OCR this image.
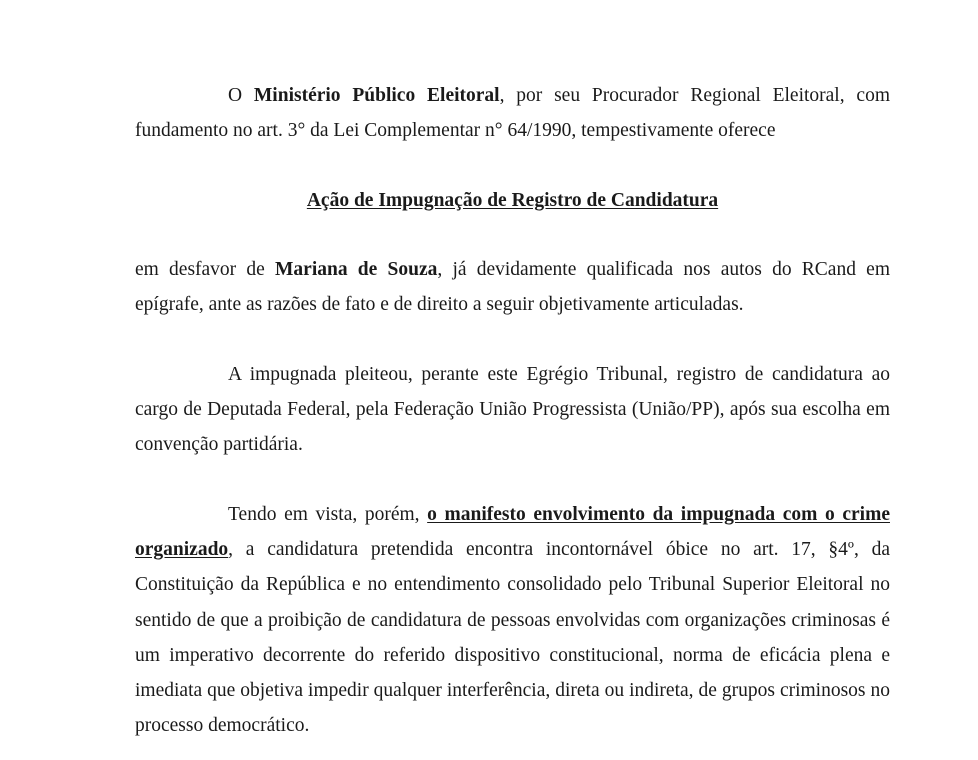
O Ministério Público Eleitoral, por seu Procurador Regional Eleitoral, com fundamento no art. 3° da Lei Complementar n° 64/1990, tempestivamente oferece

Ação de Impugnação de Registro de Candidatura

em desfavor de Mariana de Souza, já devidamente qualificada nos autos do RCand em epígrafe, ante as razões de fato e de direito a seguir objetivamente articuladas.

A impugnada pleiteou, perante este Egrégio Tribunal, registro de candidatura ao cargo de Deputada Federal, pela Federação União Progressista (União/PP), após sua escolha em convenção partidária.

Tendo em vista, porém, o manifesto envolvimento da impugnada com o crime organizado, a candidatura pretendida encontra incontornável óbice no art. 17, §4º, da Constituição da República e no entendimento consolidado pelo Tribunal Superior Eleitoral no sentido de que a proibição de candidatura de pessoas envolvidas com organizações criminosas é um imperativo decorrente do referido dispositivo constitucional, norma de eficácia plena e imediata que objetiva impedir qualquer interferência, direta ou indireta, de grupos criminosos no processo democrático.
